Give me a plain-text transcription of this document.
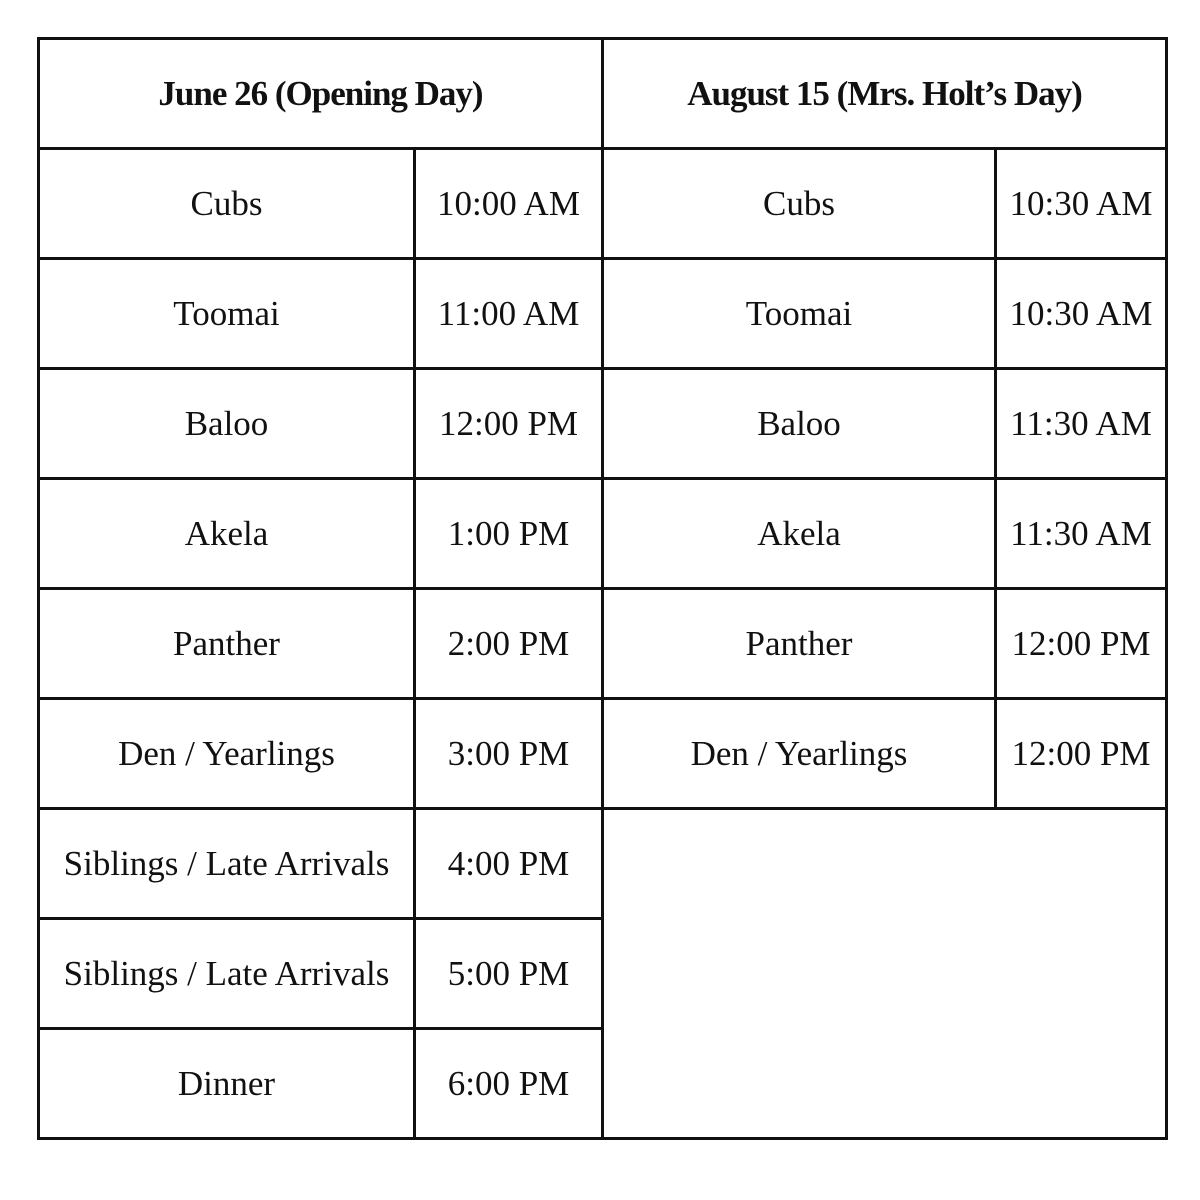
June 26 (Opening Day)		August 15 (Mrs. Holt’s Day)	
Cubs	10:00 AM	Cubs	10:30 AM
Toomai	11:00 AM	Toomai	10:30 AM
Baloo	12:00 PM	Baloo	11:30 AM
Akela	1:00 PM	Akela	11:30 AM
Panther	2:00 PM	Panther	12:00 PM
Den / Yearlings	3:00 PM	Den / Yearlings	12:00 PM
Siblings / Late Arrivals	4:00 PM		
Siblings / Late Arrivals	5:00 PM		
Dinner	6:00 PM		
